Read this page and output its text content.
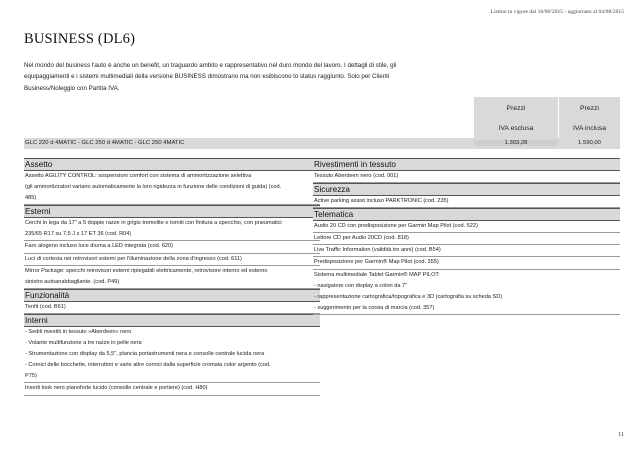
Listino in vigore dal 18/06/2015 - aggiornato al 04/08/2015
BUSINESS (DL6)
Nel mondo del business l'auto è anche un benefit, un traguardo ambito e rappresentativo nel duro mondo del lavoro. I dettagli di stile, gli equipaggiamenti e i sistemi multimediali della versione BUSINESS dimostrano ma non esibiscono lo status raggiunto. Solo per Clienti Business/Noleggio con Partita IVA.
Prezzi
IVA esclusa
Prezzi
IVA inclusa
GLC 220 d 4MATIC - GLC 250 d 4MATIC - GLC 250 4MATIC	1.303,28	1.590,00
Assetto
Assetto AGILITY CONTROL: sospensioni comfort con sistema di ammortizzazione selettiva
(gli ammortizzatori variano automaticamente la loro rigidezza in funzione delle condizioni di guida) (cod.
485)
Esterni
Cerchi in lega da 17" a 5 doppie razze in grigio tremolite e torniti con finitura a specchio, con pneumatici
235/65 R17 su 7,5 J x 17 ET 36 (cod. R04)
Faro alogeno incluso luce diurna a LED integrata (cod. 620)
Luci di cortesia nei retrovisori esterni per l'illuminazione della zona d'ingresso (cod. 611)
Mirror Package: specchi retrovisori esterni ripiegabili elettricamente, retrovisore interno ed esterno
sinistro autoanabbagliante. (cod. P49)
Funzionalità
Tenfit (cod. B61)
Interni
- Sedili rivestiti in tessuto »Aberdeen« nero
- Volante multifunzione a tre razze in pelle nera
- Strumentazione con display da 5,5", plancia portastrumenti nera e consolle centrale lucida nera
- Cornici delle bocchette, interruttori e varie altre cornici dalla superficie cromata color argento (cod.
P75)
Inserti look nero pianoforte lucido (consolle centrale e portiere) (cod. H80)
Rivestimenti in tessuto
Tessuto Aberdeen nero (cod. 001)
Sicurezza
Active parking assist incluso PARKTRONIC (cod. 235)
Telematica
Audio 20 CD con predisposizione per Garmin Map Pilot (cod. 522)
Lettore CD per Audio 20CD (cod. 818)
Live Traffic Information (validità tre anni) (cod. B54)
Predisposizione per Garmin® Map Pilot (cod. 355)
Sistema multimediale Tablet Garmin® MAP PILOT:
- navigatore con display a colori da 7"
- rappresentazione cartografica/topografica e 3D (cartografia su scheda SD)
- suggerimento per la corsia di marcia (cod. 357)
11
